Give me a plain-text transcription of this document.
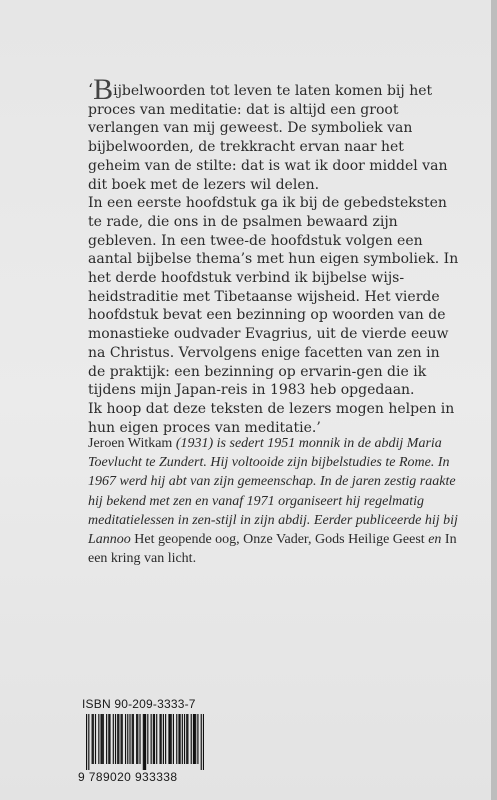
‘Bijbelwoorden tot leven te laten komen bij het proces van meditatie: dat is altijd een groot verlangen van mij geweest. De symboliek van bijbelwoorden, de trekkracht ervan naar het geheim van de stilte: dat is wat ik door middel van dit boek met de lezers wil delen.

In een eerste hoofdstuk ga ik bij de gebedsteksten te rade, die ons in de psalmen bewaard zijn gebleven. In een twee-de hoofdstuk volgen een aantal bijbelse thema’s met hun eigen symboliek. In het derde hoofdstuk verbind ik bijbelse wijs-heidstraditie met Tibetaanse wijsheid. Het vierde hoofdstuk bevat een bezinning op woorden van de monastieke oudvader Evagrius, uit de vierde eeuw na Christus. Vervolgens enige facetten van zen in de praktijk: een bezinning op ervarin-gen die ik tijdens mijn Japan-reis in 1983 heb opgedaan.

Ik hoop dat deze teksten de lezers mogen helpen in hun eigen proces van meditatie.’

Jeroen Witkam (1931) is sedert 1951 monnik in de abdij Maria Toevlucht te Zundert. Hij voltooide zijn bijbelstudies te Rome. In 1967 werd hij abt van zijn gemeenschap. In de jaren zestig raakte hij bekend met zen en vanaf 1971 organiseert hij regelmatig meditatielessen in zen-stijl in zijn abdij. Eerder publiceerde hij bij Lannoo Het geopende oog, Onze Vader, Gods Heilige Geest en In een kring van licht.
ISBN 90-209-3333-7
9 789020 933338
